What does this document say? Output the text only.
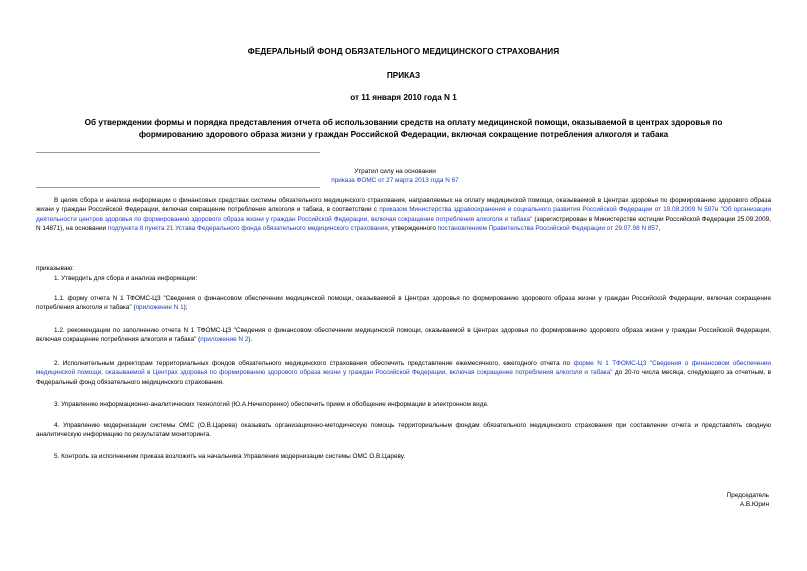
ФЕДЕРАЛЬНЫЙ ФОНД ОБЯЗАТЕЛЬНОГО МЕДИЦИНСКОГО СТРАХОВАНИЯ
ПРИКАЗ
от 11 января 2010 года N 1
Об утверждении формы и порядка представления отчета об использовании средств на оплату медицинской помощи, оказываемой в центрах здоровья по формированию здорового образа жизни у граждан Российской Федерации, включая сокращение потребления алкоголя и табака
Утратил силу на основании
приказа ФОМС от 27 марта 2013 года N 67
В целях сбора и анализа информации о финансовых средствах системы обязательного медицинского страхования, направляемых на оплату медицинской помощи, оказываемой в Центрах здоровья по формированию здорового образа жизни у граждан Российской Федерации, включая сокращение потребления алкоголя и табака, в соответствии с приказом Министерства здравоохранения и социального развития Российской Федерации от 19.08.2009 N 597н "Об организации деятельности центров здоровья по формированию здорового образа жизни у граждан Российской Федерации, включая сокращение потребления алкоголя и табака" (зарегистрирован в Министерстве юстиции Российской Федерации 25.09.2009, N 14871), на основании подпункта 8 пункта 21 Устава Федерального фонда обязательного медицинского страхования, утвержденного постановлением Правительства Российской Федерации от 29.07.98 N 857,
приказываю:
1. Утвердить для сбора и анализа информации:
1.1. форму отчета N 1 ТФОМС-ЦЗ "Сведения о финансовом обеспечении медицинской помощи, оказываемой в Центрах здоровья по формированию здорового образа жизни у граждан Российской Федерации, включая сокращение потребления алкоголя и табака" (приложение N 1);
1.2. рекомендации по заполнению отчета N 1 ТФОМС-ЦЗ "Сведения о финансовом обеспечении медицинской помощи, оказываемой в Центрах здоровья по формированию здорового образа жизни у граждан Российской Федерации, включая сокращение потребления алкоголя и табака" (приложение N 2).
2. Исполнительным директорам территориальных фондов обязательного медицинского страхования обеспечить представление ежемесячного, ежегодного отчета по форме N 1 ТФОМС-ЦЗ "Сведения о финансовом обеспечении медицинской помощи, оказываемой в Центрах здоровья по формированию здорового образа жизни у граждан Российской Федерации, включая сокращение потребления алкоголя и табака" до 20-го числа месяца, следующего за отчетным, в Федеральный фонд обязательного медицинского страхования.
3. Управлению информационно-аналитических технологий (Ю.А.Нечепоренко) обеспечить прием и обобщение информации в электронном виде.
4. Управлению модернизации системы ОМС (О.В.Царева) оказывать организационно-методическую помощь территориальным фондам обязательного медицинского страхования при составлении отчета и представлять сводную аналитическую информацию по результатам мониторинга.
5. Контроль за исполнением приказа возложить на начальника Управления модернизации системы ОМС О.В.Цареву.
Председатель
А.В.Юрин
